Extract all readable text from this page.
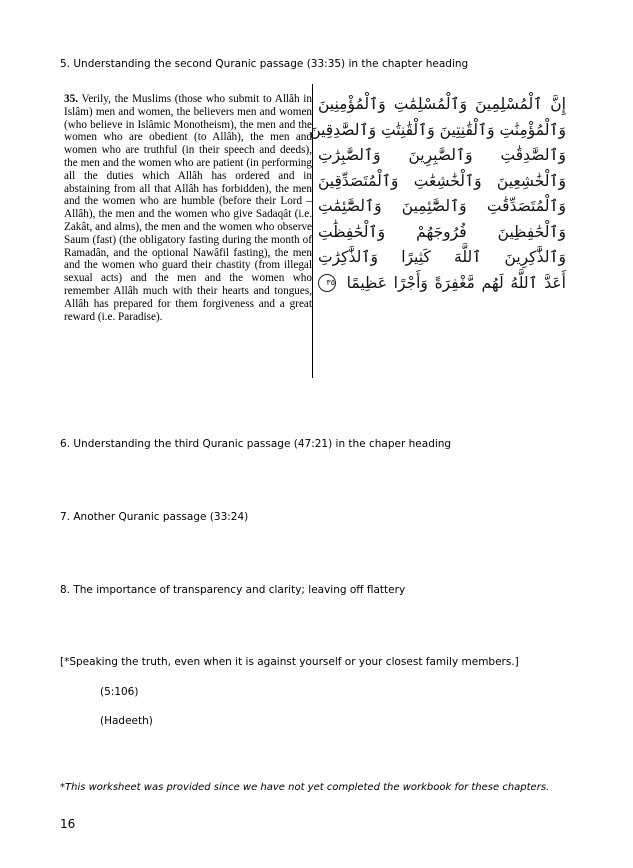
5. Understanding the second Quranic passage (33:35) in the chapter heading
35. Verily, the Muslims (those who submit to Allâh in Islâm) men and women, the believers men and women (who believe in Islâmic Monotheism), the men and the women who are obedient (to Allâh), the men and women who are truthful (in their speech and deeds), the men and the women who are patient (in performing all the duties which Allâh has ordered and in abstaining from all that Allâh has forbidden), the men and the women who are humble (before their Lord – Allâh), the men and the women who give Sadaqât (i.e. Zakât, and alms), the men and the women who observe Saum (fast) (the obligatory fasting during the month of Ramadân, and the optional Nawâfil fasting), the men and the women who guard their chastity (from illegal sexual acts) and the men and the women who remember Allâh much with their hearts and tongues, Allâh has prepared for them forgiveness and a great reward (i.e. Paradise).
إِنَّ ٱلْمُسْلِمِينَ وَٱلْمُسْلِمَٰتِ وَٱلْمُؤْمِنِينَ
وَٱلْمُؤْمِنَٰتِ وَٱلْقَٰنِتِينَ وَٱلْقَٰنِتَٰتِ وَٱلصَّٰدِقِينَ
وَٱلصَّٰدِقَٰتِ وَٱلصَّٰبِرِينَ وَٱلصَّٰبِرَٰتِ
وَٱلْخَٰشِعِينَ وَٱلْخَٰشِعَٰتِ وَٱلْمُتَصَدِّقِينَ
وَٱلْمُتَصَدِّقَٰتِ وَٱلصَّٰٓئِمِينَ وَٱلصَّٰٓئِمَٰتِ
وَٱلْحَٰفِظِينَ فُرُوجَهُمْ وَٱلْحَٰفِظَٰتِ
وَٱلذَّٰكِرِينَ ٱللَّهَ كَثِيرًا وَٱلذَّٰكِرَٰتِ
أَعَدَّ ٱللَّهُ لَهُم مَّغْفِرَةً وَأَجْرًا عَظِيمًا ٣٥
6. Understanding the third Quranic passage (47:21) in the chaper heading
7. Another Quranic passage (33:24)
8. The importance of transparency and clarity; leaving off flattery
[*Speaking the truth, even when it is against yourself or your closest family members.]
(5:106)
(Hadeeth)
*This worksheet was provided since we have not yet completed the workbook for these chapters.
16
